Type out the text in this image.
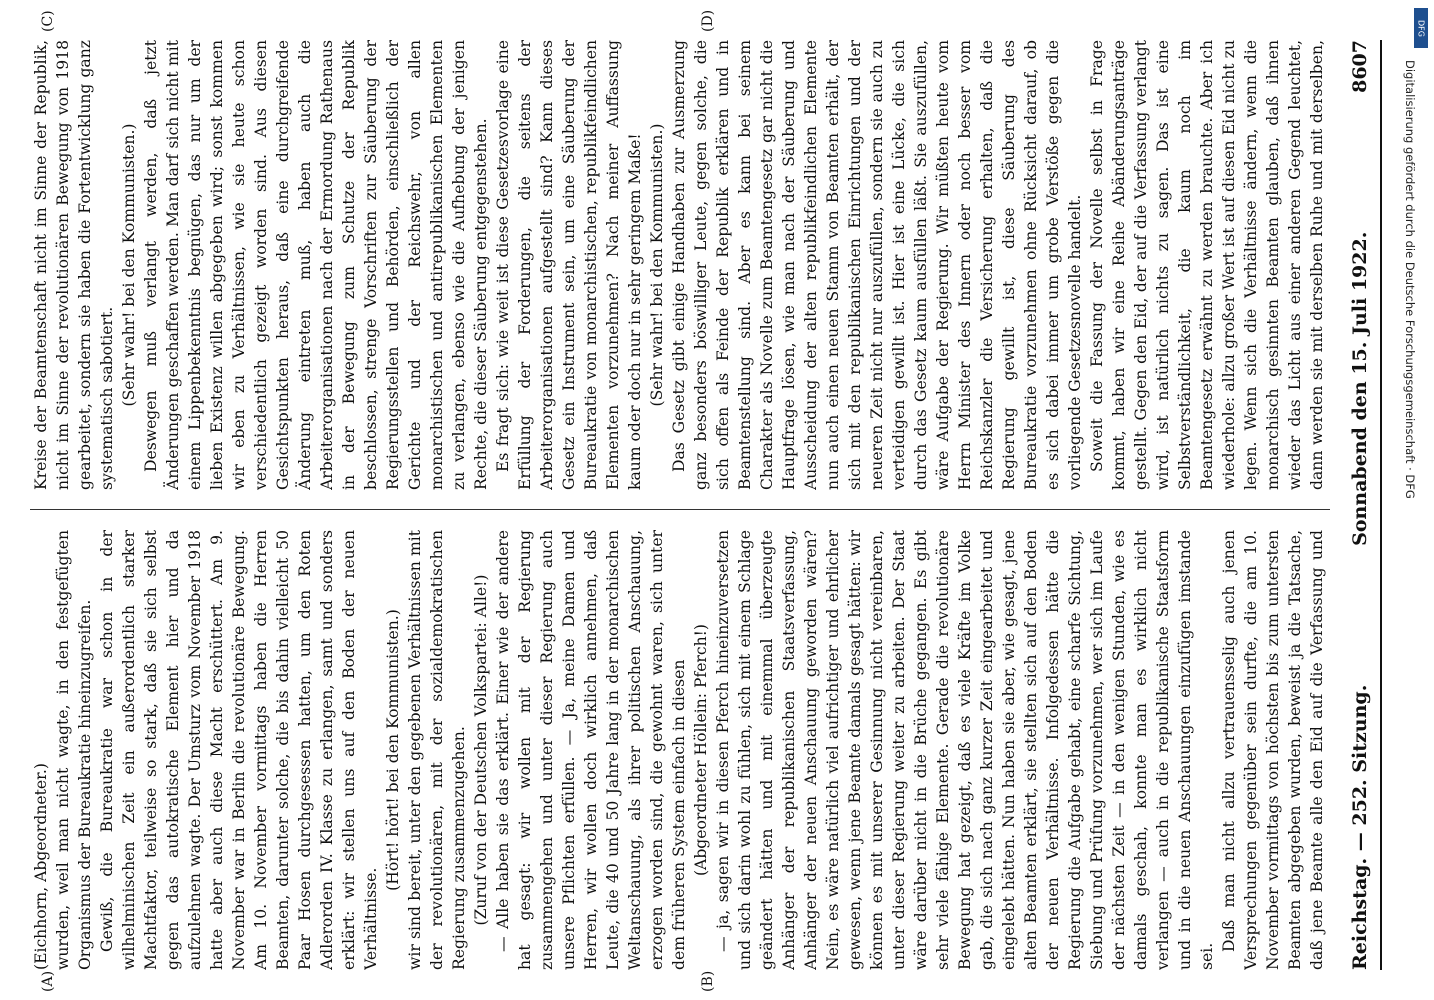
Reichstag. — 252. Sitzung.
Sonnabend den 15. Juli 1922.
8607
(A)	(B)
(C)	(D)

(Eichhorn, Abgeordneter.) wurden, weil man nicht wagte, in den festgefügten Organismus der Bureaukratie hineinzugreifen. Gewiß, die Bureaukratie war schon in der wilhelminischen Zeit ein außerordentlich starker Machtfaktor, teilweise so stark, daß sie sich selbst gegen das autokratische Element hier und da aufzulehnen wagte. Der Umsturz vom November 1918 hatte aber auch diese Macht erschüttert. Am 9. November war in Berlin die revolutionäre Bewegung. Am 10. November vormittags haben die Herren Beamten, darunter solche, die bis dahin vielleicht 50 Paar Hosen durchgesessen hatten, um den Roten Adlerorden IV. Klasse zu erlangen, samt und sonders erklärt: wir stellen uns auf den Boden der neuen Verhältnisse.

(Hört! hört! bei den Kommunisten.) wir sind bereit, unter den gegebenen Verhältnissen mit der revolutionären, mit der sozialdemokratischen Regierung zusammenzugehen. (Zuruf von der Deutschen Volkspartei: Alle!) — Alle haben sie das erklärt. Einer wie der andere hat gesagt: wir wollen mit der Regierung zusammengehen und unter dieser Regierung auch unsere Pflichten erfüllen. — Ja, meine Damen und Herren, wir wollen doch wirklich annehmen, daß Leute, die 40 und 50 Jahre lang in der monarchischen Weltanschauung, als ihrer politischen Anschauung, erzogen worden sind, die gewohnt waren, sich unter dem früheren System einfach in diesen (Abgeordneter Höllein: Pferch!) — ja, sagen wir in diesen Pferch hineinzuversetzen und sich darin wohl zu fühlen, sich mit einem Schlage geändert hätten und mit einemmal überzeugte Anhänger der republikanischen Staatsverfassung, Anhänger der neuen Anschauung geworden wären? Nein, es wäre natürlich viel aufrichtiger und ehrlicher gewesen, wenn jene Beamte damals gesagt hätten: wir können es mit unserer Gesinnung nicht vereinbaren, unter dieser Regierung weiter zu arbeiten. Der Staat wäre darüber nicht in die Brüche gegangen. Es gibt sehr viele fähige Elemente. Gerade die revolutionäre Bewegung hat gezeigt, daß es viele Kräfte im Volke gab, die sich nach ganz kurzer Zeit eingearbeitet und eingelebt hätten. Nun haben sie aber, wie gesagt, jene alten Beamten erklärt, sie stellten sich auf den Boden der neuen Verhältnisse. Infolgedessen hätte die Regierung die Aufgabe gehabt, eine scharfe Sichtung, Siebung und Prüfung vorzunehmen, wer sich im Laufe der nächsten Zeit — in den wenigen Stunden, wie es damals geschah, konnte man es wirklich nicht verlangen — auch in die republikanische Staatsform und in die neuen Anschauungen einzufügen imstande sei.

Daß man nicht allzu vertrauensselig auch jenen Versprechungen gegenüber sein durfte, die am 10. November vormittags von höchsten bis zum untersten Beamten abgegeben wurden, beweist ja die Tatsache, daß jene Beamte alle den Eid auf die Verfassung und

Kreise der Beamtenschaft nicht im Sinne der Republik, nicht im Sinne der revolutionären Bewegung von 1918 gearbeitet, sondern sie haben die Fortentwicklung ganz systematisch sabotiert. (Sehr wahr! bei den Kommunisten.) Deswegen muß verlangt werden, daß jetzt Änderungen geschaffen werden. Man darf sich nicht mit einem Lippenbekenntnis begnügen, das nur um der lieben Existenz willen abgegeben wird; sonst kommen wir eben zu Verhältnissen, wie sie heute schon verschiedentlich gezeigt worden sind. Aus diesen Gesichtspunkten heraus, daß eine durchgreifende Änderung eintreten muß, haben auch die Arbeiterorganisationen nach der Ermordung Rathenaus in der Bewegung zum Schutze der Republik beschlossen, strenge Vorschriften zur Säuberung der Regierungsstellen und Behörden, einschließlich der Gerichte und der Reichswehr, von allen monarchistischen und antirepublikanischen Elementen zu verlangen, ebenso wie die Aufhebung der jenigen Rechte, die dieser Säuberung entgegenstehen. Es fragt sich: wie weit ist diese Gesetzesvorlage eine Erfüllung der Forderungen, die seitens der Arbeiterorganisationen aufgestellt sind? Kann dieses Gesetz ein Instrument sein, um eine Säuberung der Bureaukratie von monarchistischen, republikfeindlichen Elementen vorzunehmen? Nach meiner Auffassung kaum oder doch nur in sehr geringem Maße! (Sehr wahr! bei den Kommunisten.) Das Gesetz gibt einige Handhaben zur Ausmerzung ganz besonders böswilliger Leute, gegen solche, die sich offen als Feinde der Republik erklären und in Beamtenstellung sind. Aber es kann bei seinem Charakter als Novelle zum Beamtengesetz gar nicht die Hauptfrage lösen, wie man nach der Säuberung und Ausscheidung der alten republikfeindlichen Elemente nun auch einen neuen Stamm von Beamten erhält, der sich mit den republikanischen Einrichtungen und der neueren Zeit nicht nur auszufüllen, sondern sie auch zu verteidigen gewillt ist. Hier ist eine Lücke, die sich durch das Gesetz kaum ausfüllen läßt. Sie auszufüllen, wäre Aufgabe der Regierung. Wir müßten heute vom Herrn Minister des Innern oder noch besser vom Reichskanzler die Versicherung erhalten, daß die Regierung gewillt ist, diese Säuberung des Bureaukratie vorzunehmen ohne Rücksicht darauf, ob es sich dabei immer um grobe Verstöße gegen die vorliegende Gesetzesnovelle handelt. Soweit die Fassung der Novelle selbst in Frage kommt, haben wir eine Reihe Abänderungsanträge gestellt. Gegen den Eid, der auf die Verfassung verlangt wird, ist natürlich nichts zu sagen. Das ist eine Selbstverständlichkeit, die kaum noch im Beamtengesetz erwähnt zu werden brauchte. Aber ich wiederhole: allzu großer Wert ist auf diesen Eid nicht zu legen. Wenn sich die Verhältnisse ändern, wenn die monarchisch gesinnten Beamten glauben, daß ihnen wieder das Licht aus einer anderen Gegend leuchtet, dann werden sie mit derselben Ruhe und mit derselben,	Digitalisierung gefördert durch die Deutsche Forschungsgemeinschaft · DFG
DFG
